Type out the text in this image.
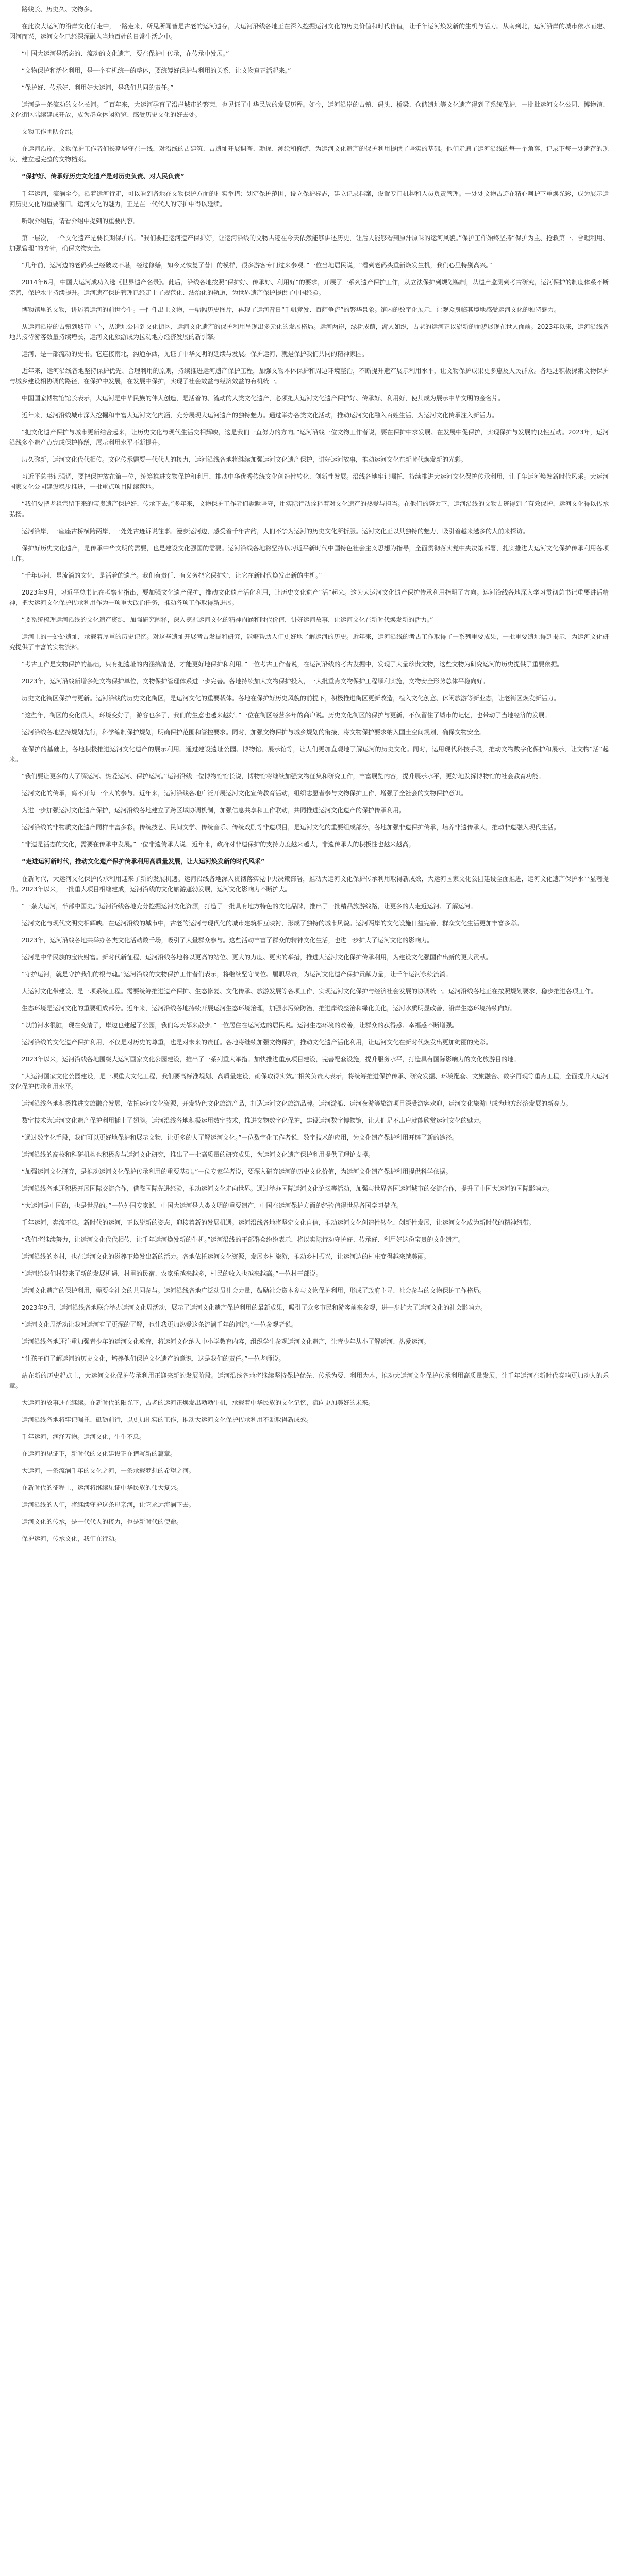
路线长、历史久、文物多。

在此次大运河的沿岸文化行走中，一路走来，所见所闻皆是古老的运河遗存，大运河沿线各地正在深入挖掘运河文化的历史价值和时代价值，让千年运河焕发新的生机与活力。从南到北，运河沿岸的城市依水而建、因河而兴，运河文化已经深深融入当地百姓的日常生活之中。

“中国大运河是活态的、流动的文化遗产，要在保护中传承，在传承中发展。”

“文物保护和活化利用，是一个有机统一的整体，要统筹好保护与利用的关系，让文物真正活起来。”

“保护好、传承好、利用好大运河，是我们共同的责任。”

运河是一条流动的文化长河。千百年来，大运河孕育了沿岸城市的繁荣，也见证了中华民族的发展历程。如今，运河沿岸的古镇、码头、桥梁、仓储遗址等文化遗产得到了系统保护，一批批运河文化公园、博物馆、文化街区陆续建成开放，成为群众休闲游览、感受历史文化的好去处。

文物工作团队介绍。

在运河沿岸，文物保护工作者们长期坚守在一线，对沿线的古建筑、古遗址开展调查、勘探、测绘和修缮，为运河文化遗产的保护利用提供了坚实的基础。他们走遍了运河沿线的每一个角落，记录下每一处遗存的现状，建立起完整的文物档案。

“保护好、传承好历史文化遗产是对历史负责、对人民负责”

千年运河，流淌至今。沿着运河行走，可以看到各地在文物保护方面的扎实举措：划定保护范围，设立保护标志，建立记录档案，设置专门机构和人员负责管理。一处处文物古迹在精心呵护下重焕光彩，成为展示运河历史文化的重要窗口。运河文化的魅力，正是在一代代人的守护中得以延续。

听取介绍后，请看介绍中提到的重要内容。

第一层次，一个文化遗产是要长期保护的。“我们要把运河遗产保护好，让运河沿线的文物古迹在今天依然能够讲述历史，让后人能够看到原汁原味的运河风貌。”保护工作始终坚持“保护为主、抢救第一、合理利用、加强管理”的方针，确保文物安全。

“几年前，运河边的老码头已经破败不堪，经过修缮，如今又恢复了昔日的模样，很多游客专门过来参观。”一位当地居民说，“看到老码头重新焕发生机，我们心里特别高兴。”

2014年6月，中国大运河成功入选《世界遗产名录》。此后，沿线各地按照“保护好、传承好、利用好”的要求，开展了一系列遗产保护工作，从立法保护到规划编制，从遗产监测到考古研究，运河保护的制度体系不断完善，保护水平持续提升。运河遗产保护管理已经走上了规范化、法治化的轨道，为世界遗产保护提供了中国经验。

博物馆里的文物，讲述着运河的前世今生。一件件出土文物，一幅幅历史图片，再现了运河昔日“千帆竞发、百舸争流”的繁华景象。馆内的数字化展示，让观众身临其境地感受运河文化的独特魅力。

从运河沿岸的古镇到城市中心，从遗址公园到文化街区，运河文化遗产的保护利用呈现出多元化的发展格局。运河两岸，绿树成荫，游人如织，古老的运河正以崭新的面貌展现在世人面前。2023年以来，运河沿线各地共接待游客数量持续增长，运河文化旅游成为拉动地方经济发展的新引擎。

运河，是一部流动的史书。它连接南北，沟通东西，见证了中华文明的延续与发展。保护运河，就是保护我们共同的精神家园。

近年来，运河沿线各地坚持保护优先、合理利用的原则，持续推进运河遗产保护工程，加强文物本体保护和周边环境整治，不断提升遗产展示利用水平，让文物保护成果更多惠及人民群众。各地还积极探索文物保护与城乡建设相协调的路径，在保护中发展，在发展中保护，实现了社会效益与经济效益的有机统一。

中国国家博物馆馆长表示，大运河是中华民族的伟大创造，是活着的、流动的人类文化遗产，必须把大运河文化遗产保护好、传承好、利用好，使其成为展示中华文明的金名片。

近年来，运河沿线城市深入挖掘和丰富大运河文化内涵，充分展现大运河遗产的独特魅力。通过举办各类文化活动，推动运河文化融入百姓生活，为运河文化传承注入新活力。

“把文化遗产保护与城市更新结合起来，让历史文化与现代生活交相辉映，这是我们一直努力的方向。”运河沿线一位文物工作者说，要在保护中求发展、在发展中促保护，实现保护与发展的良性互动。2023年，运河沿线多个遗产点完成保护修缮，展示利用水平不断提升。

历久弥新，运河文化代代相传。文化传承需要一代代人的接力，运河沿线各地将继续加强运河文化遗产保护，讲好运河故事，推动运河文化在新时代焕发新的光彩。

习近平总书记强调，要把保护放在第一位，统筹推进文物保护和利用，推动中华优秀传统文化创造性转化、创新性发展。沿线各地牢记嘱托，持续推进大运河文化保护传承利用，让千年运河焕发新时代风采。大运河国家文化公园建设稳步推进，一批重点项目陆续落地。

“我们要把老祖宗留下来的宝贵遗产保护好、传承下去。”多年来，文物保护工作者们默默坚守，用实际行动诠释着对文化遗产的热爱与担当。在他们的努力下，运河沿线的文物古迹得到了有效保护，运河文化得以传承弘扬。

运河沿岸，一座座古桥横跨两岸，一处处古迹诉说往事。漫步运河边，感受着千年古韵，人们不禁为运河的历史文化所折服。运河文化正以其独特的魅力，吸引着越来越多的人前来探访。

保护好历史文化遗产，是传承中华文明的需要，也是建设文化强国的需要。运河沿线各地将坚持以习近平新时代中国特色社会主义思想为指导，全面贯彻落实党中央决策部署，扎实推进大运河文化保护传承利用各项工作。

“千年运河，是流淌的文化，是活着的遗产。我们有责任、有义务把它保护好，让它在新时代焕发出新的生机。”

2023年9月，习近平总书记在考察时指出，要加强文化遗产保护，推动文化遗产活化利用，让历史文化遗产“活”起来。这为大运河文化遗产保护传承利用指明了方向。运河沿线各地深入学习贯彻总书记重要讲话精神，把大运河文化保护传承利用作为一项重大政治任务，推动各项工作取得新进展。

“要系统梳理运河沿线的文化遗产资源，加强研究阐释，深入挖掘运河文化的精神内涵和时代价值，讲好运河故事，让运河文化在新时代焕发新的活力。”

运河上的一处处遗址，承载着厚重的历史记忆。对这些遗址开展考古发掘和研究，能够帮助人们更好地了解运河的历史。近年来，运河沿线的考古工作取得了一系列重要成果，一批重要遗址得到揭示，为运河文化研究提供了丰富的实物资料。

“考古工作是文物保护的基础，只有把遗址的内涵搞清楚，才能更好地保护和利用。”一位考古工作者说，在运河沿线的考古发掘中，发现了大量珍贵文物，这些文物为研究运河的历史提供了重要依据。

2023年，运河沿线新增多处文物保护单位，文物保护管理体系进一步完善。各地持续加大文物保护投入，一大批重点文物保护工程顺利实施，文物安全形势总体平稳向好。

历史文化街区保护与更新。运河沿线的历史文化街区，是运河文化的重要载体。各地在保护好历史风貌的前提下，积极推进街区更新改造，植入文化创意、休闲旅游等新业态，让老街区焕发新活力。

“这些年，街区的变化很大，环境变好了，游客也多了，我们的生意也越来越好。”一位在街区经营多年的商户说。历史文化街区的保护与更新，不仅留住了城市的记忆，也带动了当地经济的发展。

运河沿线各地坚持规划先行，科学编制保护规划，明确保护范围和管控要求。同时，加强文物保护与城乡规划的衔接，将文物保护要求纳入国土空间规划，确保文物安全。

在保护的基础上，各地积极推进运河文化遗产的展示利用。通过建设遗址公园、博物馆、展示馆等，让人们更加直观地了解运河的历史文化。同时，运用现代科技手段，推动文物数字化保护和展示，让文物“活”起来。

“我们要让更多的人了解运河、热爱运河、保护运河。”运河沿线一位博物馆馆长说，博物馆将继续加强文物征集和研究工作，丰富展览内容，提升展示水平，更好地发挥博物馆的社会教育功能。

运河文化的传承，离不开每一个人的参与。近年来，运河沿线各地广泛开展运河文化宣传教育活动，组织志愿者参与文物保护工作，增强了全社会的文物保护意识。

为进一步加强运河文化遗产保护，运河沿线各地建立了跨区域协调机制，加强信息共享和工作联动，共同推进运河文化遗产的保护传承利用。

运河沿线的非物质文化遗产同样丰富多彩。传统技艺、民间文学、传统音乐、传统戏剧等非遗项目，是运河文化的重要组成部分。各地加强非遗保护传承，培养非遗传承人，推动非遗融入现代生活。

“非遗是活态的文化，需要在传承中发展。”一位非遗传承人说，近年来，政府对非遗保护的支持力度越来越大，非遗传承人的积极性也越来越高。

“走进运河新时代，推动文化遗产保护传承利用高质量发展，让大运河焕发新的时代风采”

在新时代，大运河文化保护传承利用迎来了新的发展机遇。运河沿线各地深入贯彻落实党中央决策部署，推动大运河文化保护传承利用取得新成效，大运河国家文化公园建设全面推进，运河文化遗产保护水平显著提升。2023年以来，一批重大项目相继建成，运河沿线的文化旅游蓬勃发展，运河文化影响力不断扩大。

“一条大运河，半部中国史。”运河沿线各地充分挖掘运河文化资源，打造了一批具有地方特色的文化品牌，推出了一批精品旅游线路，让更多的人走近运河、了解运河。

运河文化与现代文明交相辉映。在运河沿线的城市中，古老的运河与现代化的城市建筑相互映衬，形成了独特的城市风貌。运河两岸的文化设施日益完善，群众文化生活更加丰富多彩。

2023年，运河沿线各地共举办各类文化活动数千场，吸引了大量群众参与。这些活动丰富了群众的精神文化生活，也进一步扩大了运河文化的影响力。

运河是中华民族的宝贵财富。新时代新征程，运河沿线各地将以更高的站位、更大的力度、更实的举措，推进大运河文化保护传承利用，为建设文化强国作出新的更大贡献。

“守护运河，就是守护我们的根与魂。”运河沿线的文物保护工作者们表示，将继续坚守岗位、履职尽责，为运河文化遗产保护贡献力量，让千年运河永续流淌。

大运河文化带建设，是一项系统工程。需要统筹推进遗产保护、生态修复、文化传承、旅游发展等各项工作，实现运河文化保护与经济社会发展的协调统一。运河沿线各地正在按照规划要求，稳步推进各项工作。

生态环境是运河文化的重要组成部分。近年来，运河沿线各地持续开展运河生态环境治理，加强水污染防治，推进岸线整治和绿化美化，运河水质明显改善，沿岸生态环境持续向好。

“以前河水很脏，现在变清了，岸边也建起了公园，我们每天都来散步。”一位居住在运河边的居民说。运河生态环境的改善，让群众的获得感、幸福感不断增强。

运河沿线的文化遗产保护利用，不仅是对历史的尊重，也是对未来的责任。各地将继续加强文物保护，推动文化遗产活化利用，让运河文化在新时代焕发出更加绚丽的光彩。

2023年以来，运河沿线各地围绕大运河国家文化公园建设，推出了一系列重大举措。加快推进重点项目建设，完善配套设施，提升服务水平，打造具有国际影响力的文化旅游目的地。

“大运河国家文化公园建设，是一项重大文化工程，我们要高标准规划、高质量建设，确保取得实效。”相关负责人表示，将统筹推进保护传承、研究发掘、环境配套、文旅融合、数字再现等重点工程，全面提升大运河文化保护传承利用水平。

运河沿线各地积极推进文旅融合发展，依托运河文化资源，开发特色文化旅游产品，打造运河文化旅游品牌。运河游船、运河夜游等旅游项目深受游客欢迎，运河文化旅游已成为地方经济发展的新亮点。

数字技术为运河文化遗产保护利用插上了翅膀。运河沿线各地积极运用数字技术，推进文物数字化保护，建设运河数字博物馆，让人们足不出户就能欣赏运河文化的魅力。

“通过数字化手段，我们可以更好地保护和展示文物，让更多的人了解运河文化。”一位数字化工作者说，数字技术的应用，为文化遗产保护利用开辟了新的途径。

运河沿线的高校和科研机构也积极参与运河文化研究，推出了一批高质量的研究成果，为运河文化遗产保护利用提供了理论支撑。

“加强运河文化研究，是推动运河文化保护传承利用的重要基础。”一位专家学者说，要深入研究运河的历史文化价值，为运河文化遗产保护利用提供科学依据。

运河沿线各地还积极开展国际交流合作，借鉴国际先进经验，推动运河文化走向世界。通过举办国际运河文化论坛等活动，加强与世界各国运河城市的交流合作，提升了中国大运河的国际影响力。

“大运河是中国的，也是世界的。”一位外国专家说，中国大运河是人类文明的重要遗产，中国在运河保护方面的经验值得世界各国学习借鉴。

千年运河，奔流不息。新时代的运河，正以崭新的姿态，迎接着新的发展机遇。运河沿线各地将坚定文化自信，推动运河文化创造性转化、创新性发展，让运河文化成为新时代的精神纽带。

“我们将继续努力，让运河文化代代相传，让千年运河焕发新的生机。”运河沿线的干部群众纷纷表示，将以实际行动守护好、传承好、利用好这份宝贵的文化遗产。

运河沿线的乡村，也在运河文化的滋养下焕发出新的活力。各地依托运河文化资源，发展乡村旅游，推动乡村振兴，让运河边的村庄变得越来越美丽。

“运河给我们村带来了新的发展机遇，村里的民宿、农家乐越来越多，村民的收入也越来越高。”一位村干部说。

运河文化遗产的保护利用，需要全社会的共同参与。运河沿线各地广泛动员社会力量，鼓励社会资本参与文物保护利用，形成了政府主导、社会参与的文物保护工作格局。

2023年9月，运河沿线各地联合举办运河文化周活动，展示了运河文化遗产保护利用的最新成果，吸引了众多市民和游客前来参观，进一步扩大了运河文化的社会影响力。

“运河文化周活动让我对运河有了更深的了解，也让我更加热爱这条流淌千年的河流。”一位参观者说。

运河沿线各地还注重加强青少年的运河文化教育，将运河文化纳入中小学教育内容，组织学生参观运河文化遗产，让青少年从小了解运河、热爱运河。

“让孩子们了解运河的历史文化，培养他们保护文化遗产的意识，这是我们的责任。”一位老师说。

站在新的历史起点上，大运河文化保护传承利用正迎来新的发展阶段。运河沿线各地将继续坚持保护优先、传承为要、利用为本，推动大运河文化保护传承利用高质量发展，让千年运河在新时代奏响更加动人的乐章。

大运河的故事还在继续。在新时代的阳光下，古老的运河正焕发出勃勃生机，承载着中华民族的文化记忆，流向更加美好的未来。

运河沿线各地将牢记嘱托、砥砺前行，以更加扎实的工作，推动大运河文化保护传承利用不断取得新成效。

千年运河，润泽万物。运河文化，生生不息。

在运河的见证下，新时代的文化建设正在谱写新的篇章。

大运河，一条流淌千年的文化之河，一条承载梦想的希望之河。

在新时代的征程上，运河将继续见证中华民族的伟大复兴。

运河沿线的人们，将继续守护这条母亲河，让它永远流淌下去。

运河文化的传承，是一代代人的接力，也是新时代的使命。

保护运河，传承文化，我们在行动。
